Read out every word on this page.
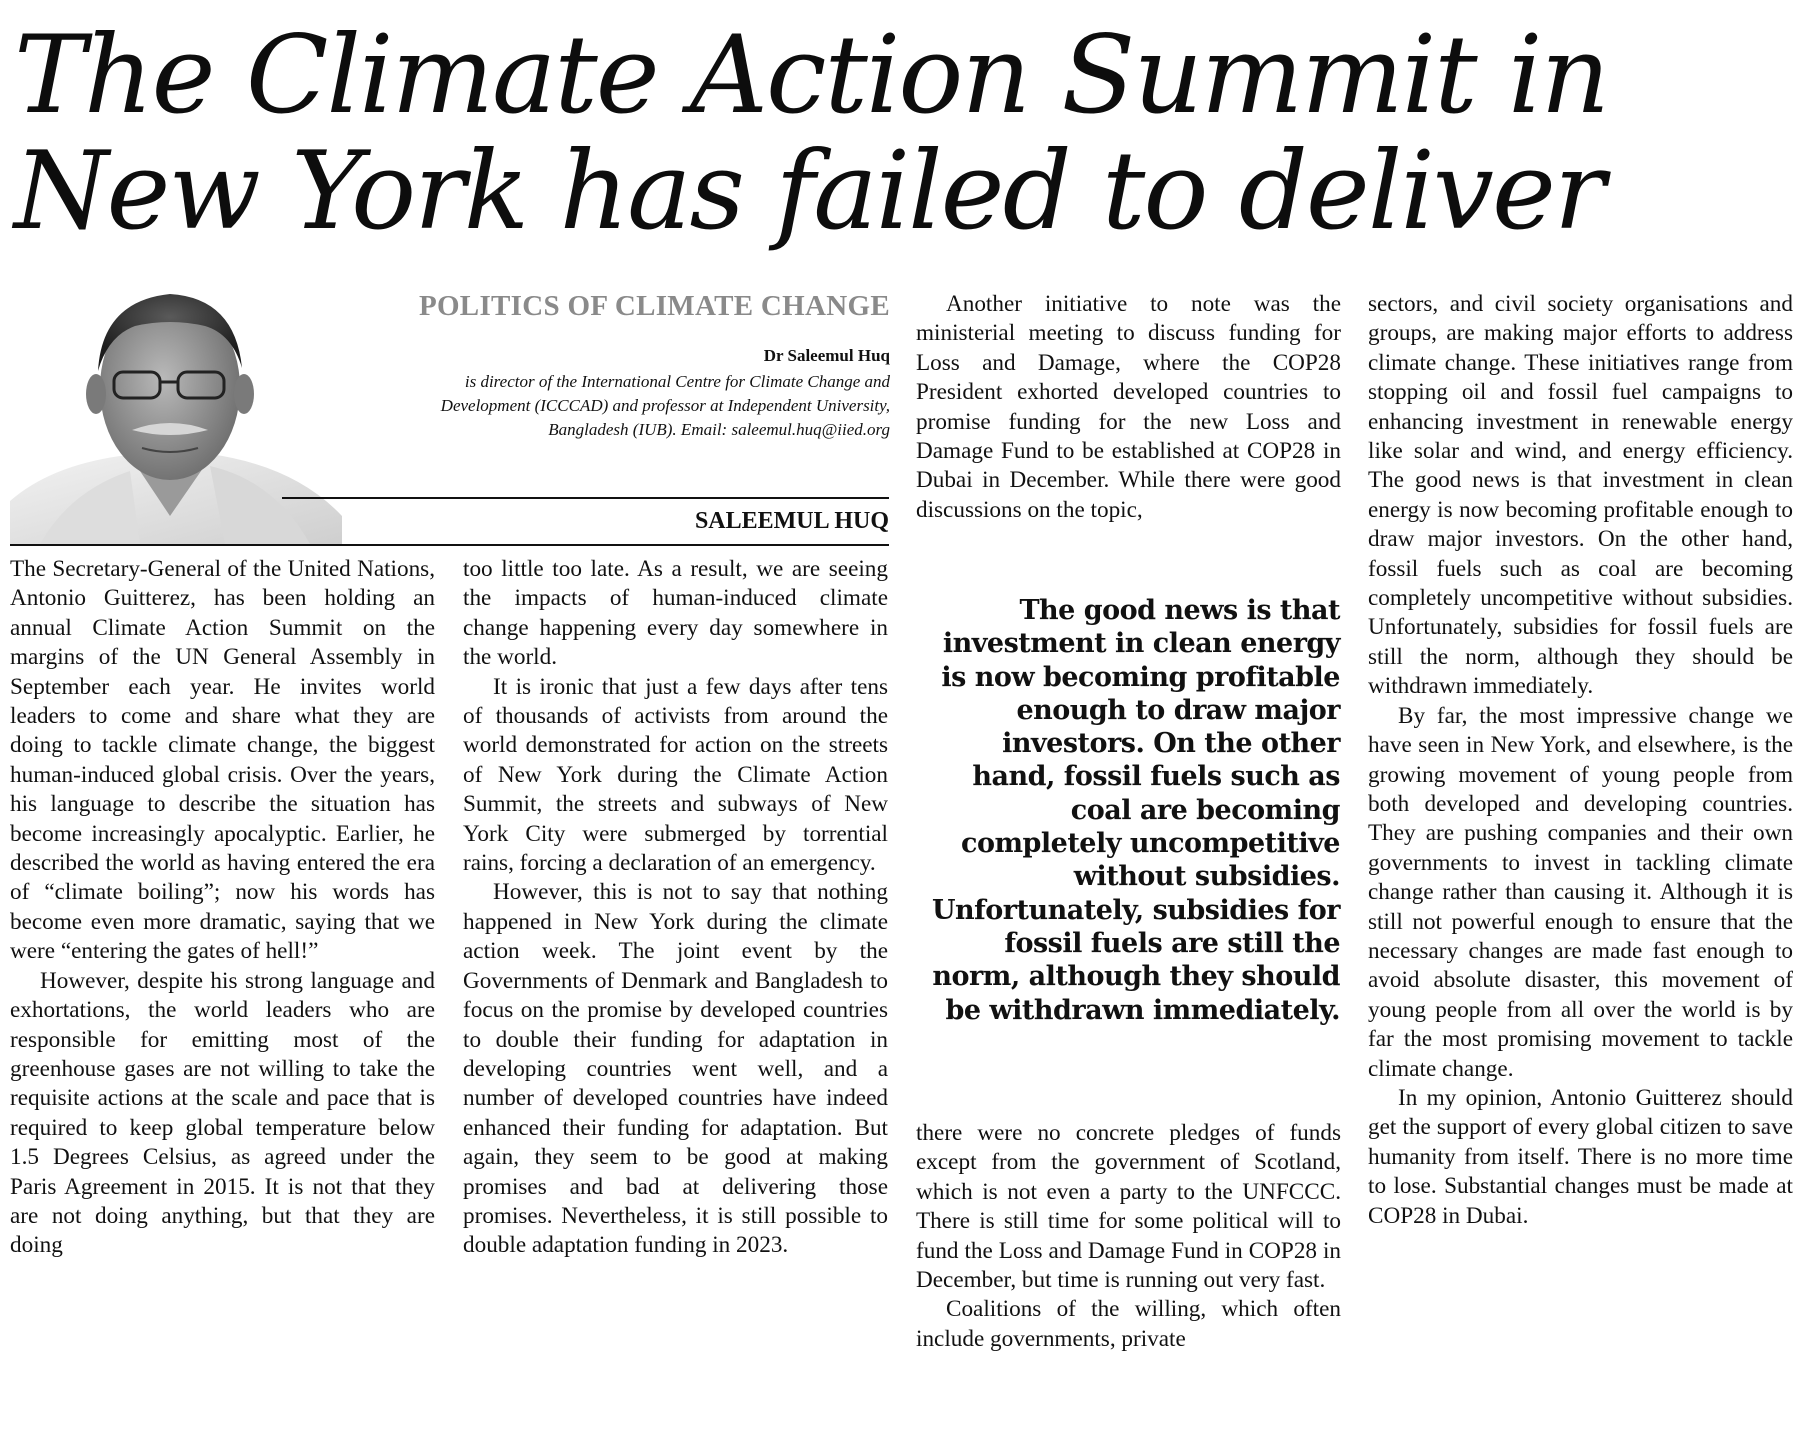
The Climate Action Summit in New York has failed to deliver
POLITICS OF CLIMATE CHANGE
Dr Saleemul Huq
is director of the International Centre for Climate Change and Development (ICCCAD) and professor at Independent University, Bangladesh (IUB). Email: saleemul.huq@iied.org
SALEEMUL HUQ

The Secretary-General of the United Nations, Antonio Guitterez, has been holding an annual Climate Action Summit on the margins of the UN General Assembly in September each year. He invites world leaders to come and share what they are doing to tackle climate change, the biggest human-induced global crisis. Over the years, his language to describe the situation has become increasingly apocalyptic. Earlier, he described the world as having entered the era of “climate boiling”; now his words has become even more dramatic, saying that we were “entering the gates of hell!”

However, despite his strong language and exhortations, the world leaders who are responsible for emitting most of the greenhouse gases are not willing to take the requisite actions at the scale and pace that is required to keep global temperature below 1.5 Degrees Celsius, as agreed under the Paris Agreement in 2015. It is not that they are not doing anything, but that they are doing

too little too late. As a result, we are seeing the impacts of human-induced climate change happening every day somewhere in the world.

It is ironic that just a few days after tens of thousands of activists from around the world demonstrated for action on the streets of New York during the Climate Action Summit, the streets and subways of New York City were submerged by torrential rains, forcing a declaration of an emergency.

However, this is not to say that nothing happened in New York during the climate action week. The joint event by the Governments of Denmark and Bangladesh to focus on the promise by developed countries to double their funding for adaptation in developing countries went well, and a number of developed countries have indeed enhanced their funding for adaptation. But again, they seem to be good at making promises and bad at delivering those promises. Nevertheless, it is still possible to double adaptation funding in 2023.

Another initiative to note was the ministerial meeting to discuss funding for Loss and Damage, where the COP28 President exhorted developed countries to promise funding for the new Loss and Damage Fund to be established at COP28 in Dubai in December. While there were good discussions on the topic,

The good news is that investment in clean energy is now becoming profitable enough to draw major investors. On the other hand, fossil fuels such as coal are becoming completely uncompetitive without subsidies. Unfortunately, subsidies for fossil fuels are still the norm, although they should be withdrawn immediately.

there were no concrete pledges of funds except from the government of Scotland, which is not even a party to the UNFCCC. There is still time for some political will to fund the Loss and Damage Fund in COP28 in December, but time is running out very fast.

Coalitions of the willing, which often include governments, private

sectors, and civil society organisations and groups, are making major efforts to address climate change. These initiatives range from stopping oil and fossil fuel campaigns to enhancing investment in renewable energy like solar and wind, and energy efficiency. The good news is that investment in clean energy is now becoming profitable enough to draw major investors. On the other hand, fossil fuels such as coal are becoming completely uncompetitive without subsidies. Unfortunately, subsidies for fossil fuels are still the norm, although they should be withdrawn immediately.

By far, the most impressive change we have seen in New York, and elsewhere, is the growing movement of young people from both developed and developing countries. They are pushing companies and their own governments to invest in tackling climate change rather than causing it. Although it is still not powerful enough to ensure that the necessary changes are made fast enough to avoid absolute disaster, this movement of young people from all over the world is by far the most promising movement to tackle climate change.

In my opinion, Antonio Guitterez should get the support of every global citizen to save humanity from itself. There is no more time to lose. Substantial changes must be made at COP28 in Dubai.
